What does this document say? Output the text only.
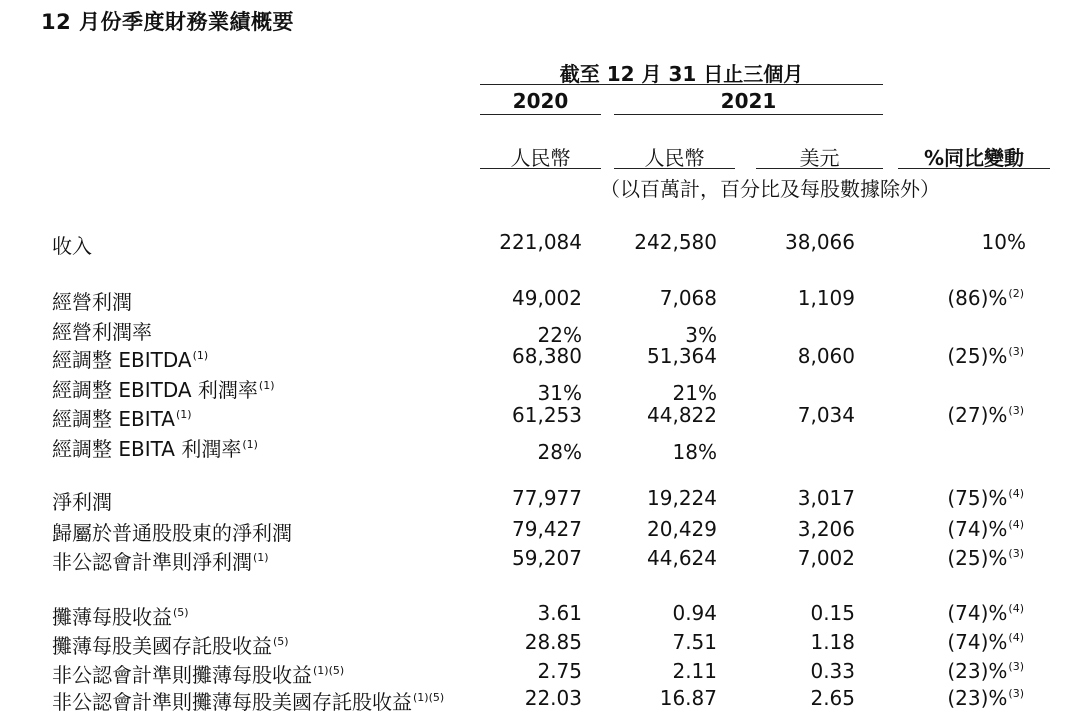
12 月份季度財務業績概要
截至 12 月 31 日止三個月
2020	2021
人民幣	人民幣	美元	%同比變動
（以百萬計，百分比及每股數據除外）
收入	221,084	242,580	38,066	10%
經營利潤	49,002	7,068	1,109	(86)%$^{(2)}$
經營利潤率	22%	3%
經調整 EBITDA$^{(1)}$	68,380	51,364	8,060	(25)%$^{(3)}$
經調整 EBITDA 利潤率$^{(1)}$	31%	21%
經調整 EBITA$^{(1)}$	61,253	44,822	7,034	(27)%$^{(3)}$
經調整 EBITA 利潤率$^{(1)}$	28%	18%
淨利潤	77,977	19,224	3,017	(75)%$^{(4)}$
歸屬於普通股股東的淨利潤	79,427	20,429	3,206	(74)%$^{(4)}$
非公認會計準則淨利潤$^{(1)}$	59,207	44,624	7,002	(25)%$^{(3)}$
攤薄每股收益$^{(5)}$	3.61	0.94	0.15	(74)%$^{(4)}$
攤薄每股美國存託股收益$^{(5)}$	28.85	7.51	1.18	(74)%$^{(4)}$
非公認會計準則攤薄每股收益$^{(1)(5)}$	2.75	2.11	0.33	(23)%$^{(3)}$
非公認會計準則攤薄每股美國存託股收益$^{(1)(5)}$	22.03	16.87	2.65	(23)%$^{(3)}$
